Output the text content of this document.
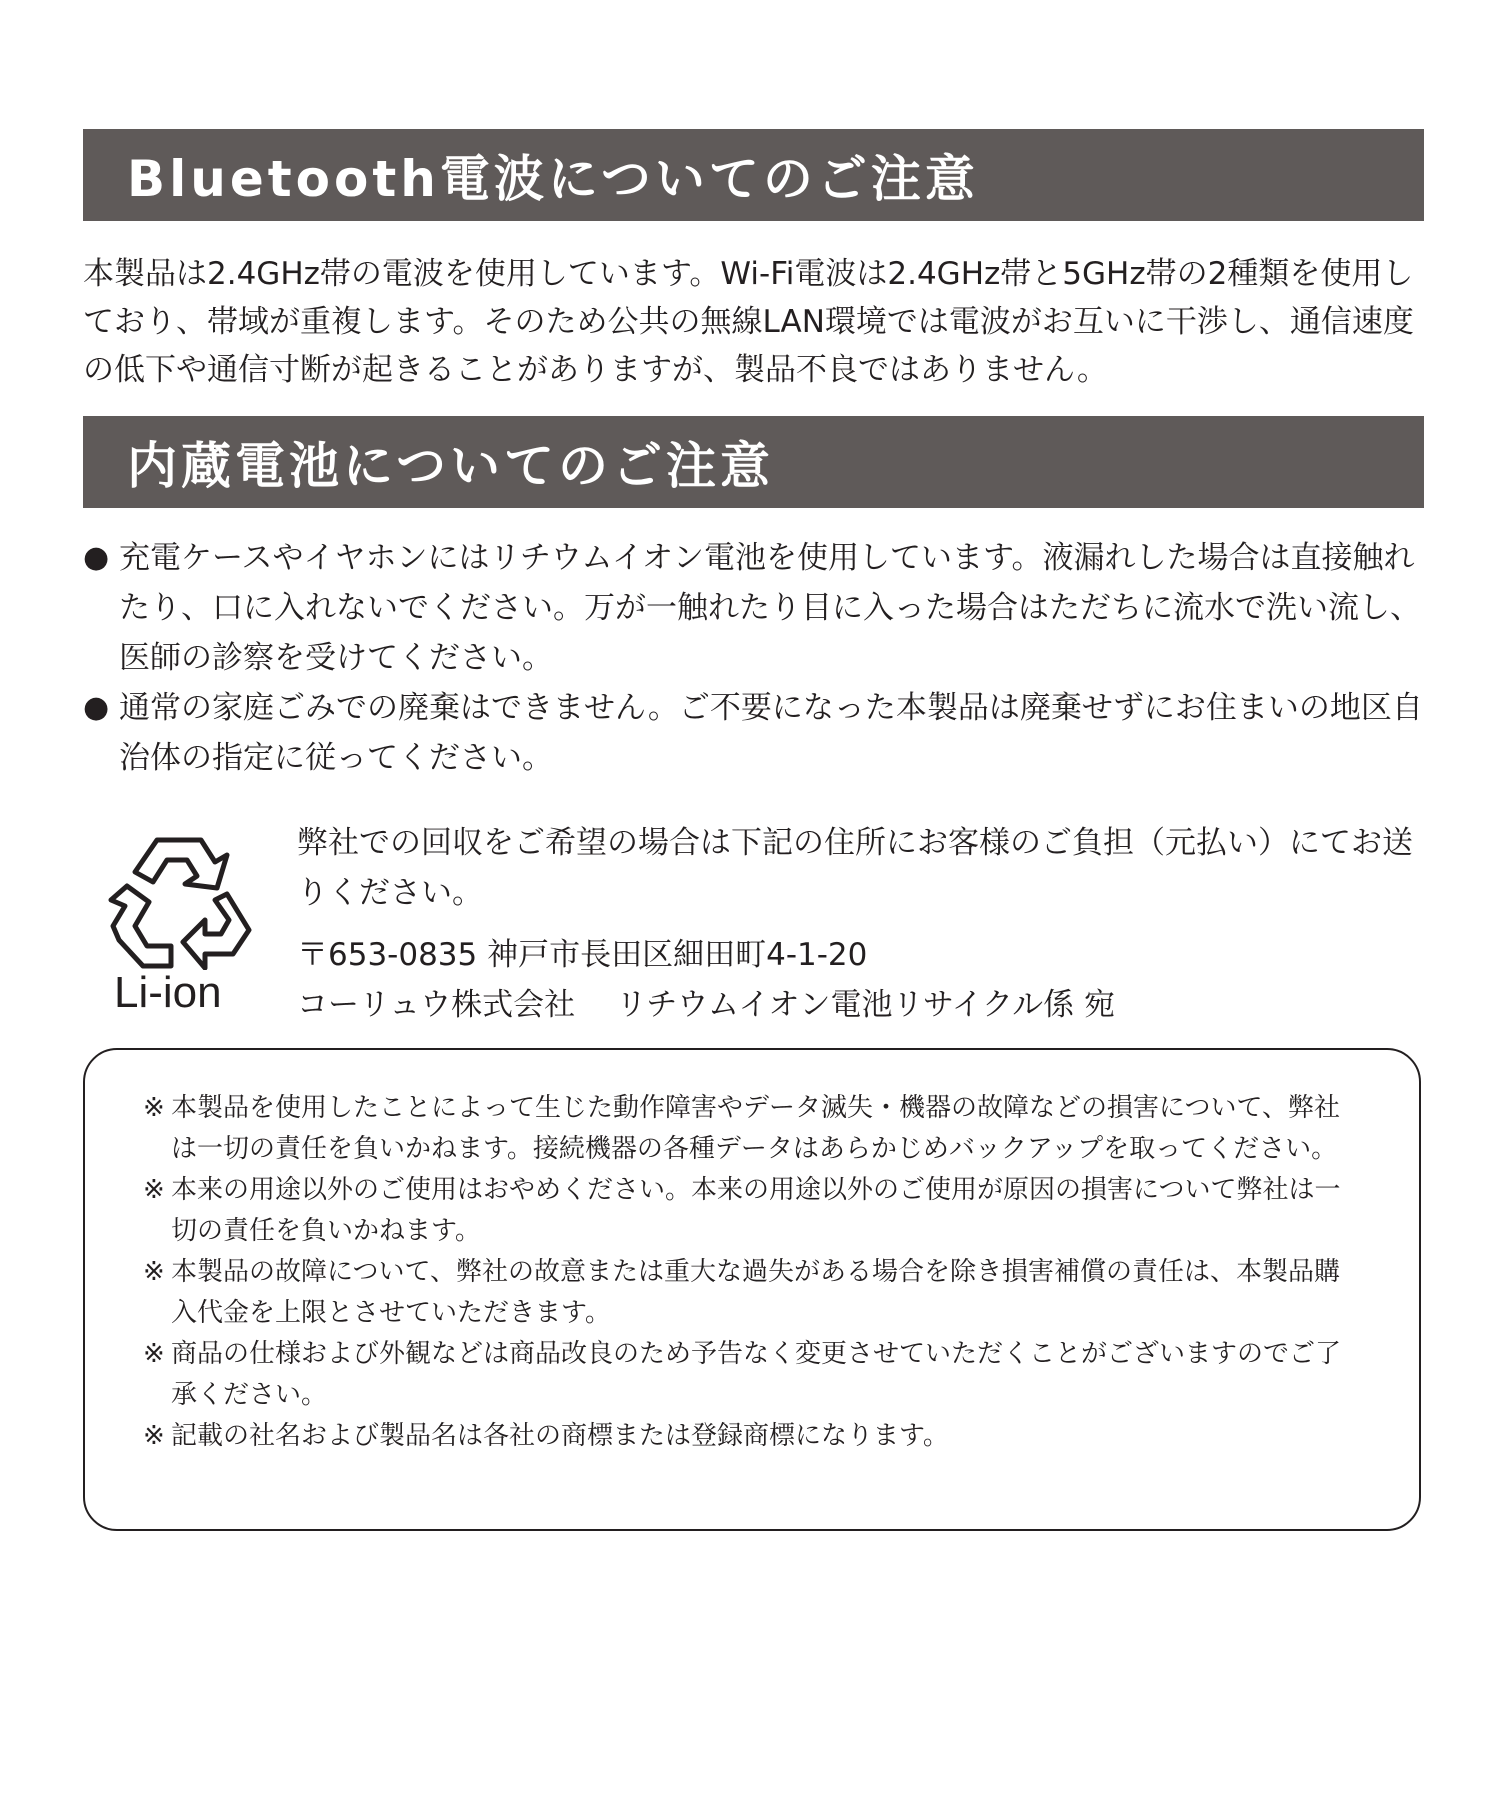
Bluetooth電波についてのご注意

本製品は2.4GHz帯の電波を使用しています。Wi-Fi電波は2.4GHz帯と5GHz帯の2種類を使用しており、帯域が重複します。そのため公共の無線LAN環境では電波がお互いに干渉し、通信速度の低下や通信寸断が起きることがありますが、製品不良ではありません。

内蔵電池についてのご注意
● 充電ケースやイヤホンにはリチウムイオン電池を使用しています。液漏れした場合は直接触れたり、口に入れないでください。万が一触れたり目に入った場合はただちに流水で洗い流し、医師の診察を受けてください。
● 通常の家庭ごみでの廃棄はできません。ご不要になった本製品は廃棄せずにお住まいの地区自治体の指定に従ってください。
Li-ion

弊社での回収をご希望の場合は下記の住所にお客様のご負担（元払い）にてお送りください。

〒653-0835 神戸市長田区細田町4-1-20

コーリュウ株式会社　 リチウムイオン電池リサイクル係 宛

※ 本製品を使用したことによって生じた動作障害やデータ滅失・機器の故障などの損害について、弊社は一切の責任を負いかねます。接続機器の各種データはあらかじめバックアップを取ってください。
※ 本来の用途以外のご使用はおやめください。本来の用途以外のご使用が原因の損害について弊社は一切の責任を負いかねます。
※ 本製品の故障について、弊社の故意または重大な過失がある場合を除き損害補償の責任は、本製品購入代金を上限とさせていただきます。
※ 商品の仕様および外観などは商品改良のため予告なく変更させていただくことがございますのでご了承ください。
※ 記載の社名および製品名は各社の商標または登録商標になります。
